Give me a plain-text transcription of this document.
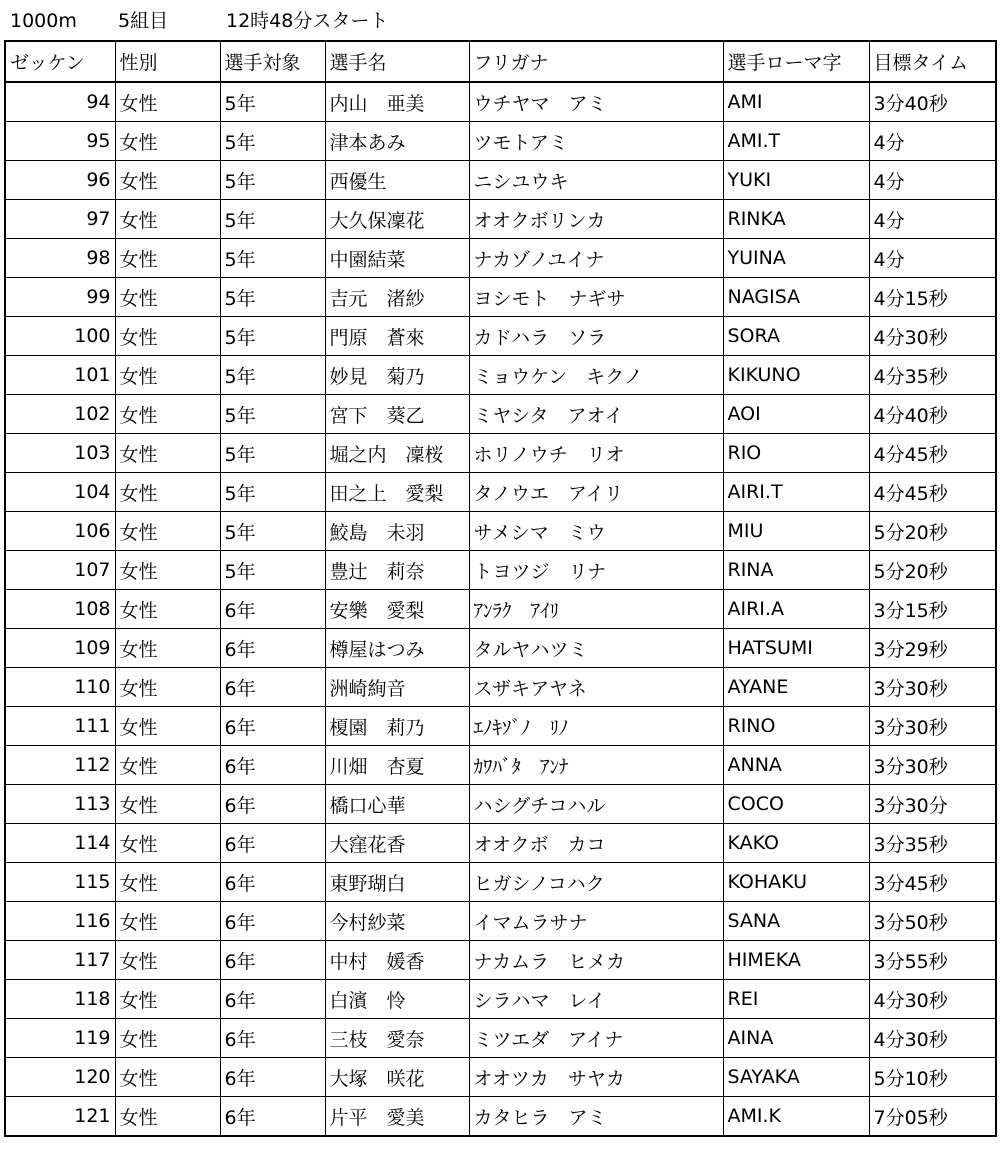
1000m 5組目	12時48分スタート
ゼッケン	性別	選手対象	選手名	フリガナ	選手ローマ字	目標タイム
94	女性	5年	内山　亜美	ウチヤマ　アミ	AMI	3分40秒
95	女性	5年	津本あみ	ツモトアミ	AMI.T	4分
96	女性	5年	西優生	ニシユウキ	YUKI	4分
97	女性	5年	大久保凜花	オオクボリンカ	RINKA	4分
98	女性	5年	中園結菜	ナカゾノユイナ	YUINA	4分
99	女性	5年	吉元　渚紗	ヨシモト　ナギサ	NAGISA	4分15秒
100	女性	5年	門原　蒼來	カドハラ　ソラ	SORA	4分30秒
101	女性	5年	妙見　菊乃	ミョウケン　キクノ	KIKUNO	4分35秒
102	女性	5年	宮下　葵乙	ミヤシタ　アオイ	AOI	4分40秒
103	女性	5年	堀之内　凜桜	ホリノウチ　リオ	RIO	4分45秒
104	女性	5年	田之上　愛梨	タノウエ　アイリ	AIRI.T	4分45秒
106	女性	5年	鮫島　未羽	サメシマ　ミウ	MIU	5分20秒
107	女性	5年	豊辻　莉奈	トヨツジ　リナ	RINA	5分20秒
108	女性	6年	安樂　愛梨	ｱﾝﾗｸ　ｱｲﾘ	AIRI.A	3分15秒
109	女性	6年	樽屋はつみ	タルヤハツミ	HATSUMI	3分29秒
110	女性	6年	洲崎絢音	スザキアヤネ	AYANE	3分30秒
111	女性	6年	榎園　莉乃	ｴﾉｷｿﾞﾉ　ﾘﾉ	RINO	3分30秒
112	女性	6年	川畑　杏夏	ｶﾜﾊﾞﾀ　ｱﾝﾅ	ANNA	3分30秒
113	女性	6年	橋口心華	ハシグチコハル	COCO	3分30分
114	女性	6年	大窪花香	オオクボ　カコ	KAKO	3分35秒
115	女性	6年	東野瑚白	ヒガシノコハク	KOHAKU	3分45秒
116	女性	6年	今村紗菜	イマムラサナ	SANA	3分50秒
117	女性	6年	中村　媛香	ナカムラ　ヒメカ	HIMEKA	3分55秒
118	女性	6年	白濱　怜	シラハマ　レイ	REI	4分30秒
119	女性	6年	三枝　愛奈	ミツエダ　アイナ	AINA	4分30秒
120	女性	6年	大塚　咲花	オオツカ　サヤカ	SAYAKA	5分10秒
121	女性	6年	片平　愛美	カタヒラ　アミ	AMI.K	7分05秒
